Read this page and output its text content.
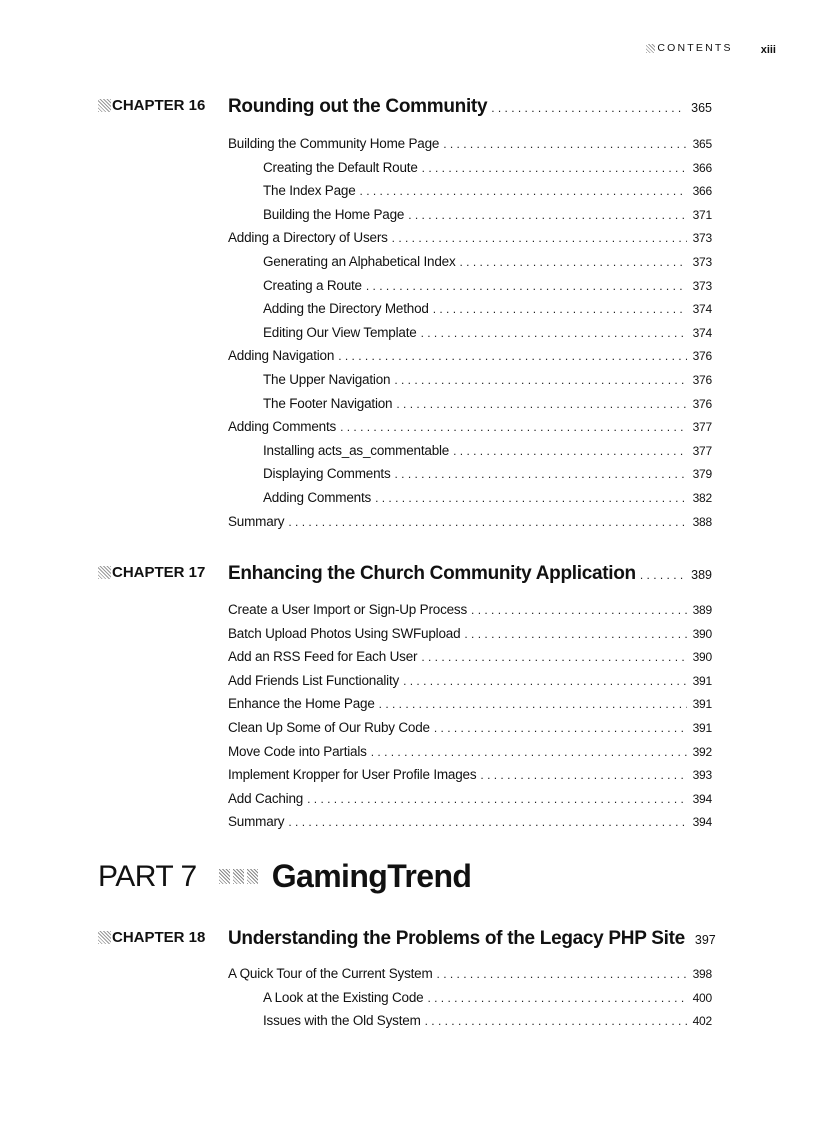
CONTENTS	xiii
CHAPTER 16 Rounding out the Community . . .	365
Building the Community Home Page . . .	365
Creating the Default Route . . .	366
The Index Page . . .	366
Building the Home Page . . .	371
Adding a Directory of Users . . .	373
Generating an Alphabetical Index . . .	373
Creating a Route . . .	373
Adding the Directory Method . . .	374
Editing Our View Template . . .	374
Adding Navigation . . .	376
The Upper Navigation . . .	376
The Footer Navigation . . .	376
Adding Comments . . .	377
Installing acts_as_commentable . . .	377
Displaying Comments . . .	379
Adding Comments . . .	382
Summary . . .	388
CHAPTER 17 Enhancing the Church Community Application . . .	389
Create a User Import or Sign-Up Process . . .	389
Batch Upload Photos Using SWFupload . . .	390
Add an RSS Feed for Each User . . .	390
Add Friends List Functionality . . .	391
Enhance the Home Page . . .	391
Clean Up Some of Our Ruby Code . . .	391
Move Code into Partials . . .	392
Implement Kropper for User Profile Images . . .	393
Add Caching . . .	394
Summary . . .	394
PART 7 GamingTrend
CHAPTER 18 Understanding the Problems of the Legacy PHP Site 397
A Quick Tour of the Current System . . .	398
A Look at the Existing Code . . .	400
Issues with the Old System . . .	402
